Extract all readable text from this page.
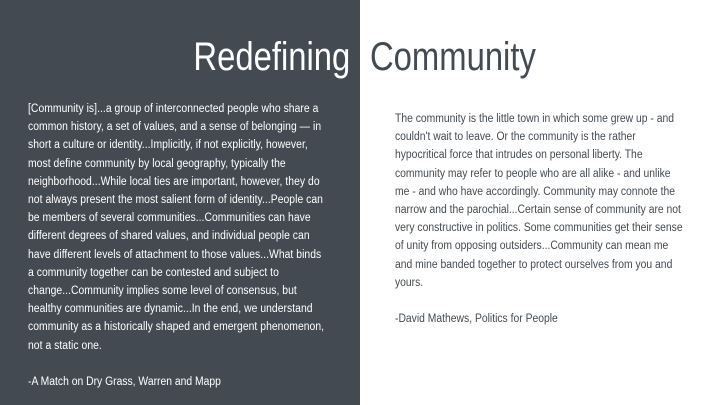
Redefining Community

[Community is]...a group of interconnected people who share a common history, a set of values, and a sense of belonging — in short a culture or identity...Implicitly, if not explicitly, however, most define community by local geography, typically the neighborhood...While local ties are important, however, they do not always present the most salient form of identity...People can be members of several communities...Communities can have different degrees of shared values, and individual people can have different levels of attachment to those values...What binds a community together can be contested and subject to change...Community implies some level of consensus, but healthy communities are dynamic...In the end, we understand community as a historically shaped and emergent phenomenon, not a static one.

-A Match on Dry Grass, Warren and Mapp

The community is the little town in which some grew up - and couldn't wait to leave. Or the community is the rather hypocritical force that intrudes on personal liberty. The community may refer to people who are all alike - and unlike me - and who have accordingly. Community may connote the narrow and the parochial...Certain sense of community are not very constructive in politics. Some communities get their sense of unity from opposing outsiders...Community can mean me and mine banded together to protect ourselves from you and yours.

-David Mathews, Politics for People
